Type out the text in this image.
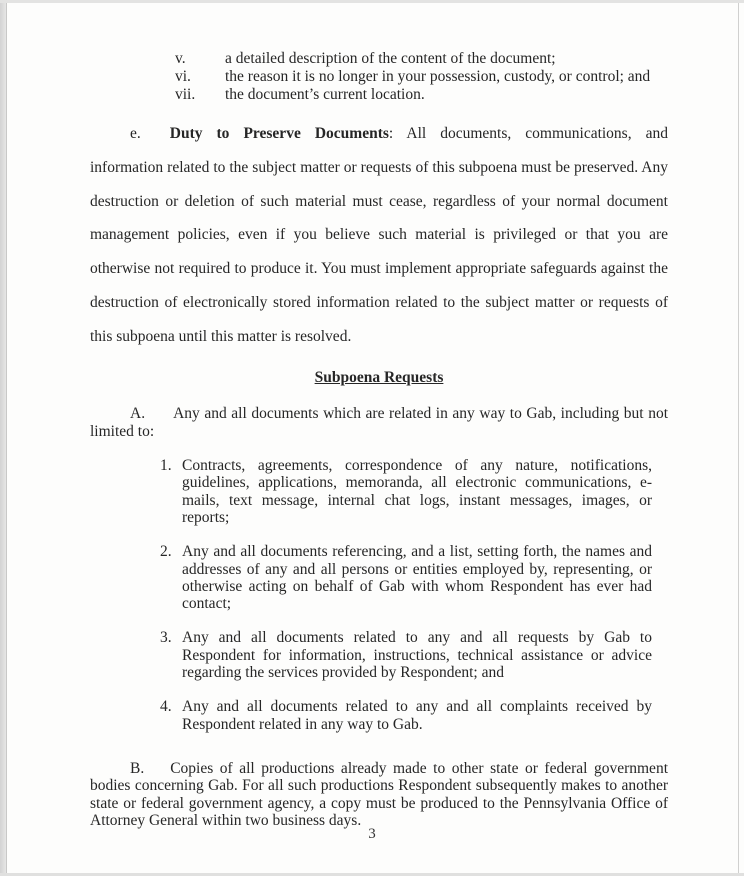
v.	a detailed description of the content of the document;
vi.	the reason it is no longer in your possession, custody, or control; and
vii.	the document’s current location.

e. Duty to Preserve Documents: All documents, communications, and information related to the subject matter or requests of this subpoena must be preserved. Any destruction or deletion of such material must cease, regardless of your normal document management policies, even if you believe such material is privileged or that you are otherwise not required to produce it. You must implement appropriate safeguards against the destruction of electronically stored information related to the subject matter or requests of this subpoena until this matter is resolved.

Subpoena Requests

A. Any and all documents which are related in any way to Gab, including but not limited to:

1. Contracts, agreements, correspondence of any nature, notifications, guidelines, applications, memoranda, all electronic communications, e-mails, text message, internal chat logs, instant messages, images, or reports;
2. Any and all documents referencing, and a list, setting forth, the names and addresses of any and all persons or entities employed by, representing, or otherwise acting on behalf of Gab with whom Respondent has ever had contact;
3. Any and all documents related to any and all requests by Gab to Respondent for information, instructions, technical assistance or advice regarding the services provided by Respondent; and
4. Any and all documents related to any and all complaints received by Respondent related in any way to Gab.

B. Copies of all productions already made to other state or federal government bodies concerning Gab. For all such productions Respondent subsequently makes to another state or federal government agency, a copy must be produced to the Pennsylvania Office of Attorney General within two business days.

3
